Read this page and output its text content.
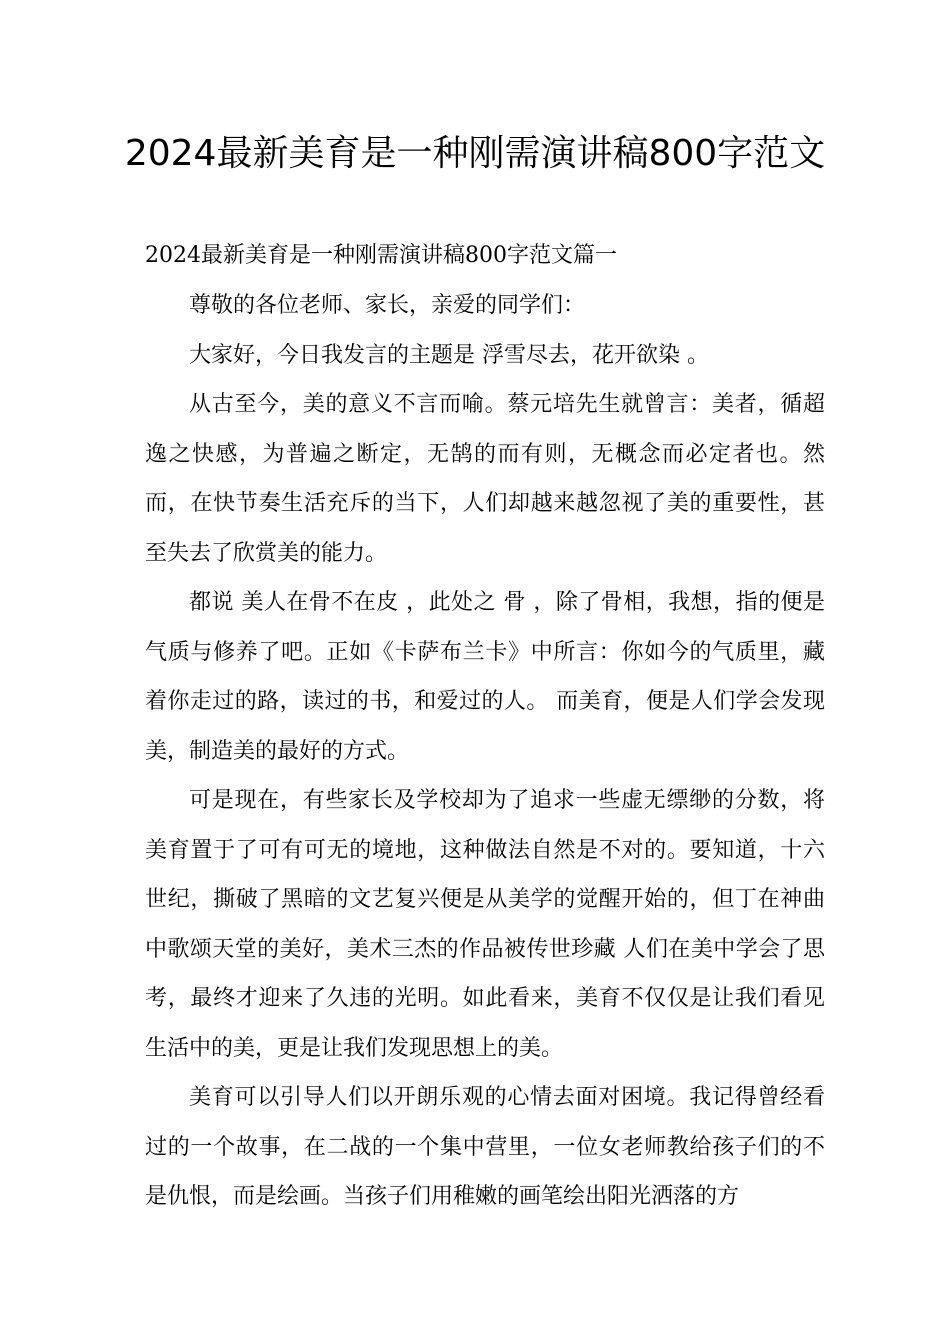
2024最新美育是一种刚需演讲稿800字范文

2024最新美育是一种刚需演讲稿800字范文篇一

尊敬的各位老师、家长，亲爱的同学们：

大家好，今日我发言的主题是 浮雪尽去，花开欲染 。

从古至今，美的意义不言而喻。蔡元培先生就曾言：美者，循超逸之快感，为普遍之断定，无鹄的而有则，无概念而必定者也。然而，在快节奏生活充斥的当下，人们却越来越忽视了美的重要性，甚至失去了欣赏美的能力。

都说 美人在骨不在皮 ，此处之 骨 ，除了骨相，我想，指的便是气质与修养了吧。正如《卡萨布兰卡》中所言：你如今的气质里，藏着你走过的路，读过的书，和爱过的人。 而美育，便是人们学会发现美，制造美的最好的方式。

可是现在，有些家长及学校却为了追求一些虚无缥缈的分数，将美育置于了可有可无的境地，这种做法自然是不对的。要知道，十六世纪，撕破了黑暗的文艺复兴便是从美学的觉醒开始的，但丁在神曲中歌颂天堂的美好，美术三杰的作品被传世珍藏 人们在美中学会了思考，最终才迎来了久违的光明。如此看来，美育不仅仅是让我们看见生活中的美，更是让我们发现思想上的美。

美育可以引导人们以开朗乐观的心情去面对困境。我记得曾经看过的一个故事，在二战的一个集中营里，一位女老师教给孩子们的不是仇恨，而是绘画。当孩子们用稚嫩的画笔绘出阳光洒落的方
